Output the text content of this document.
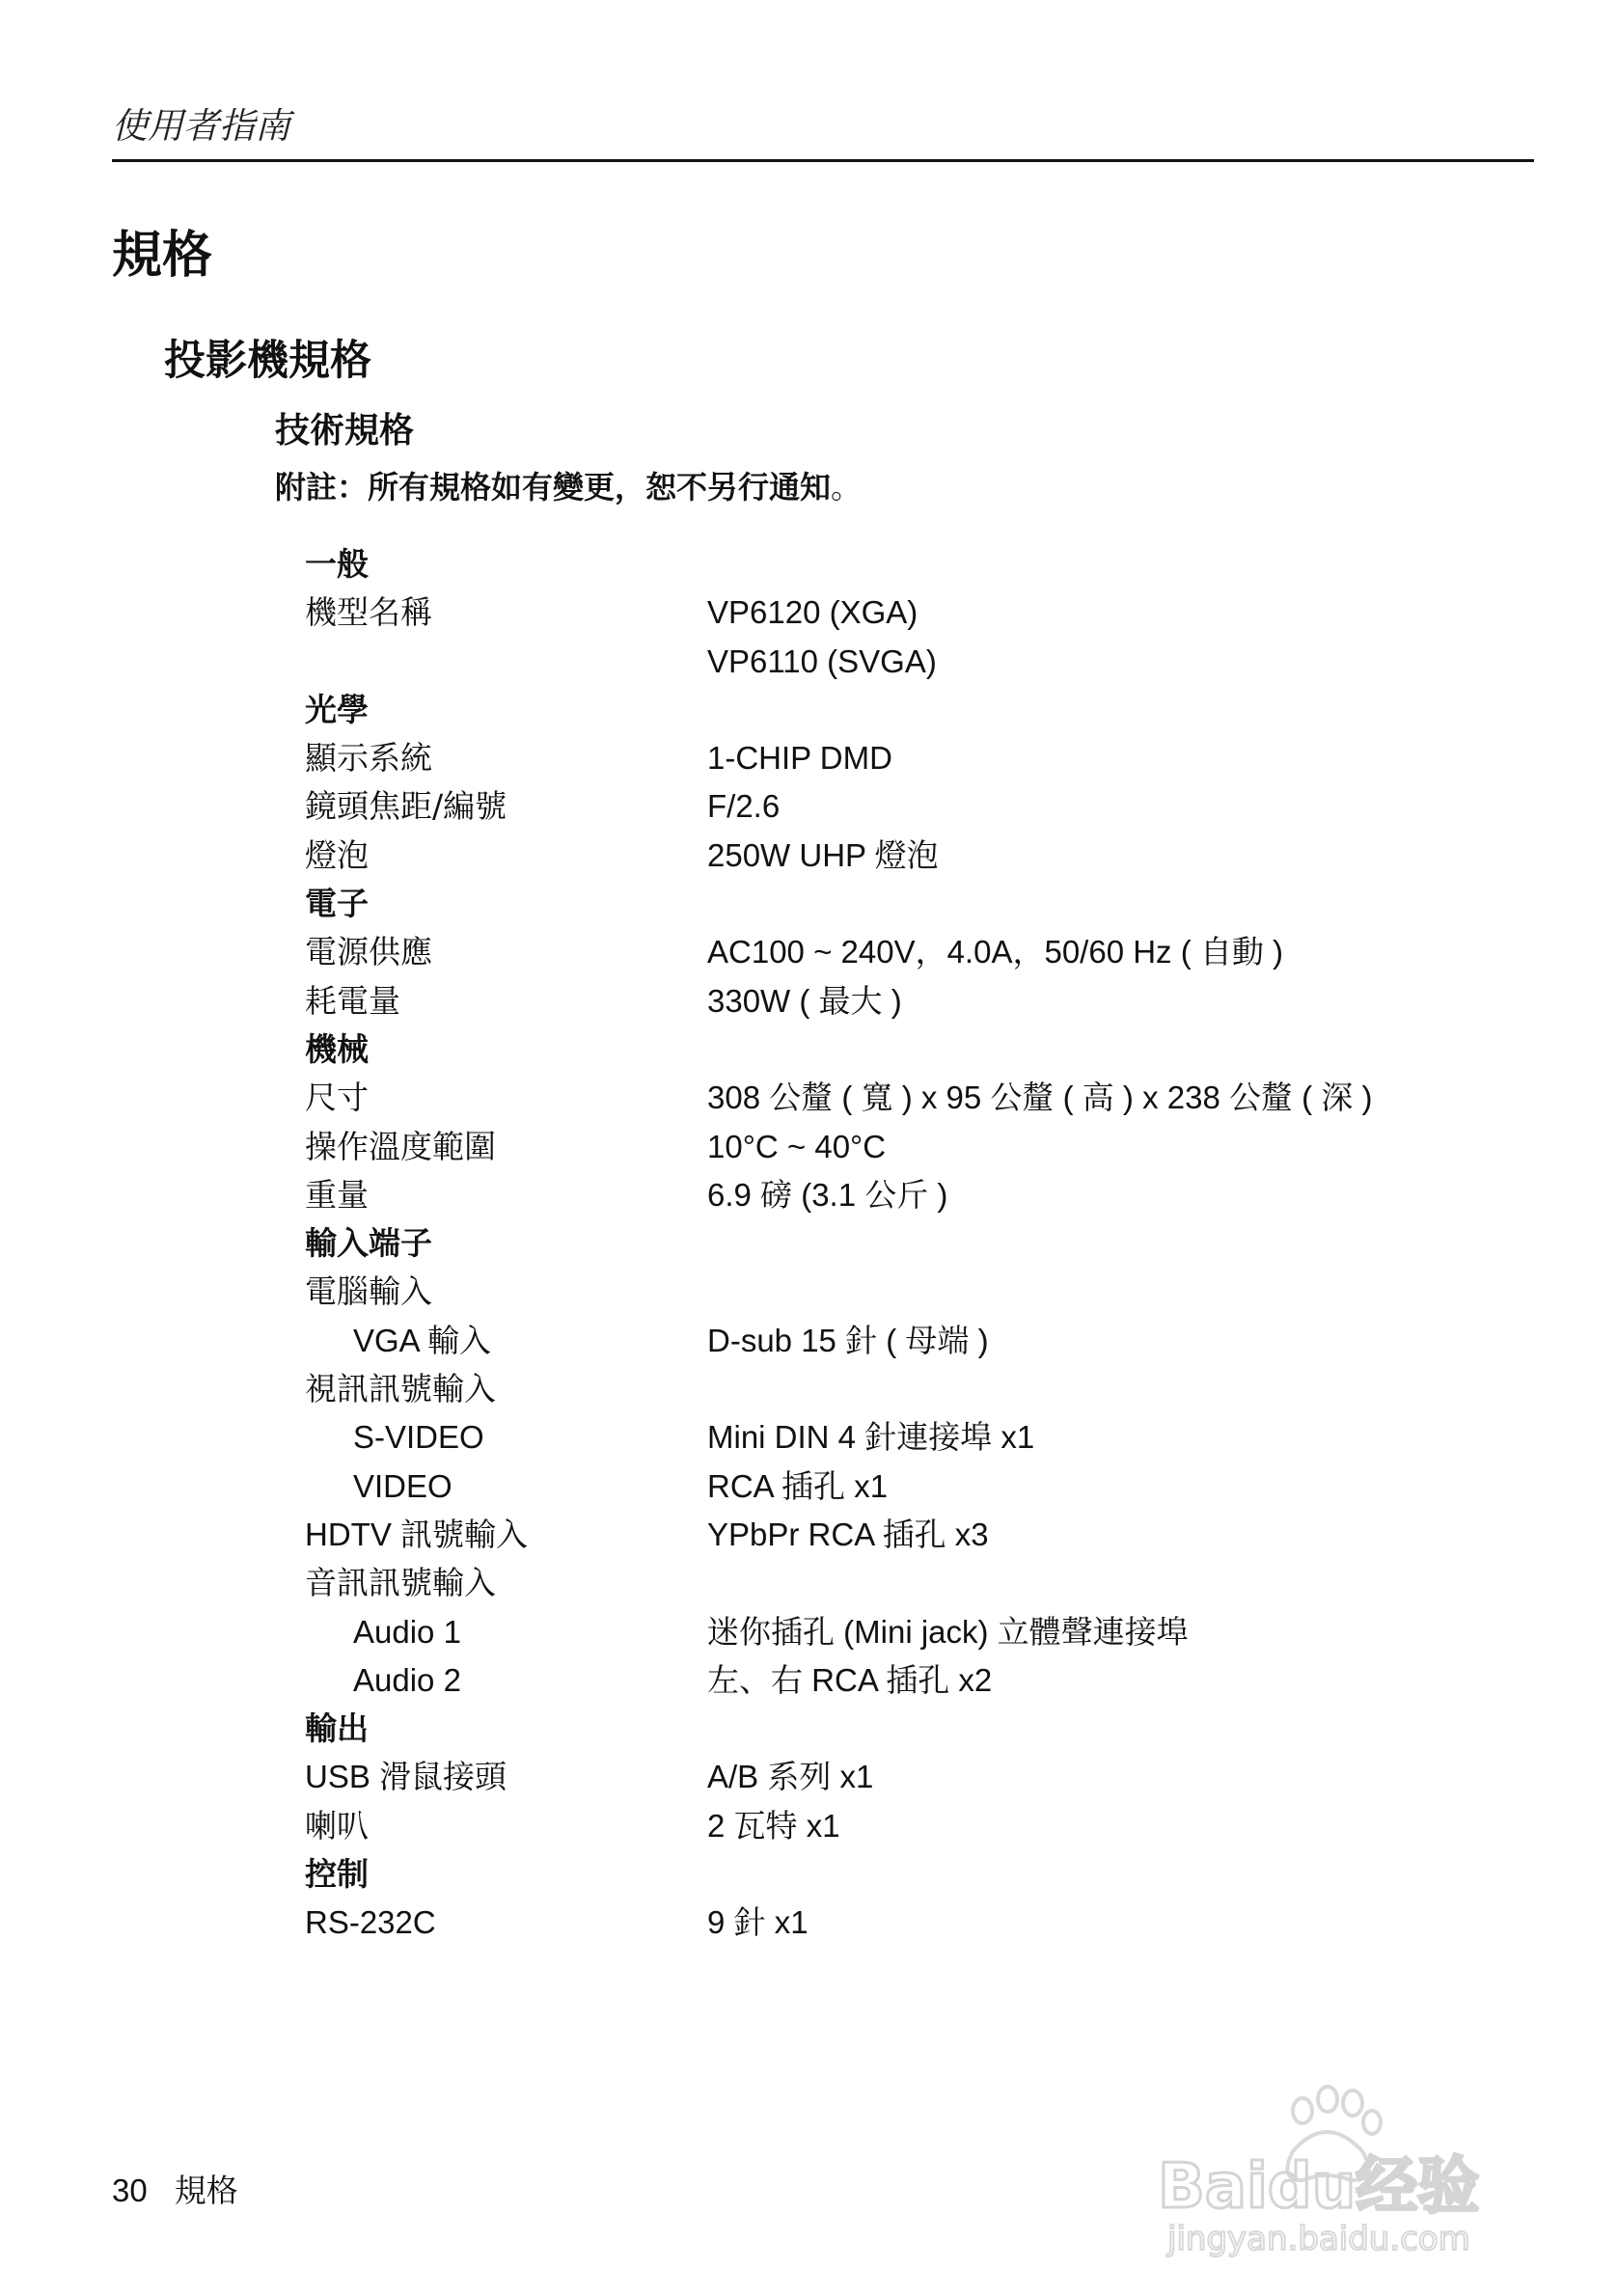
使用者指南
規格
投影機規格
技術規格
附註：所有規格如有變更，恕不另行通知。
一般
機型名稱	VP6120 (XGA)
VP6110 (SVGA)
光學
顯示系統	1-CHIP DMD
鏡頭焦距/編號	F/2.6
燈泡	250W UHP 燈泡
電子
電源供應	AC100 ~ 240V，4.0A，50/60 Hz ( 自動 )
耗電量	330W ( 最大 )
機械
尺寸	308 公釐 ( 寬 ) x 95 公釐 ( 高 ) x 238 公釐 ( 深 )
操作溫度範圍	10°C ~ 40°C
重量	6.9 磅 (3.1 公斤 )
輸入端子
電腦輸入
VGA 輸入	D-sub 15 針 ( 母端 )
視訊訊號輸入
S-VIDEO	Mini DIN 4 針連接埠 x1
VIDEO	RCA 插孔 x1
HDTV 訊號輸入	YPbPr RCA 插孔 x3
音訊訊號輸入
Audio 1	迷你插孔 (Mini jack) 立體聲連接埠
Audio 2	左、右 RCA 插孔 x2
輸出
USB 滑鼠接頭	A/B 系列 x1
喇叭	2 瓦特 x1
控制
RS-232C	9 針 x1
30 規格	Baidu经验
jingyan.baidu.com
